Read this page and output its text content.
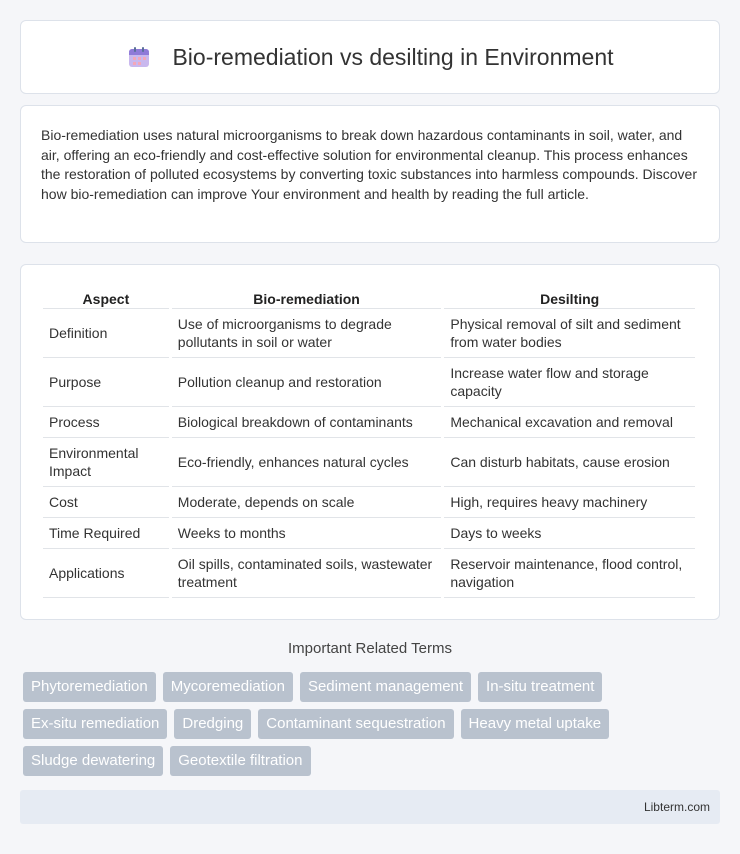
Bio-remediation vs desilting in Environment

Bio-remediation uses natural microorganisms to break down hazardous contaminants in soil, water, and air, offering an eco-friendly and cost-effective solution for environmental cleanup. This process enhances the restoration of polluted ecosystems by converting toxic substances into harmless compounds. Discover how bio-remediation can improve Your environment and health by reading the full article.

Aspect	Bio-remediation	Desilting
Definition	Use of microorganisms to degrade pollutants in soil or water	Physical removal of silt and sediment from water bodies
Purpose	Pollution cleanup and restoration	Increase water flow and storage capacity
Process	Biological breakdown of contaminants	Mechanical excavation and removal
Environmental Impact	Eco-friendly, enhances natural cycles	Can disturb habitats, cause erosion
Cost	Moderate, depends on scale	High, requires heavy machinery
Time Required	Weeks to months	Days to weeks
Applications	Oil spills, contaminated soils, wastewater treatment	Reservoir maintenance, flood control, navigation
Important Related Terms
Phytoremediation	Mycoremediation	Sediment management	In-situ treatment
Ex-situ remediation	Dredging	Contaminant sequestration	Heavy metal uptake
Sludge dewatering	Geotextile filtration
Libterm.com
